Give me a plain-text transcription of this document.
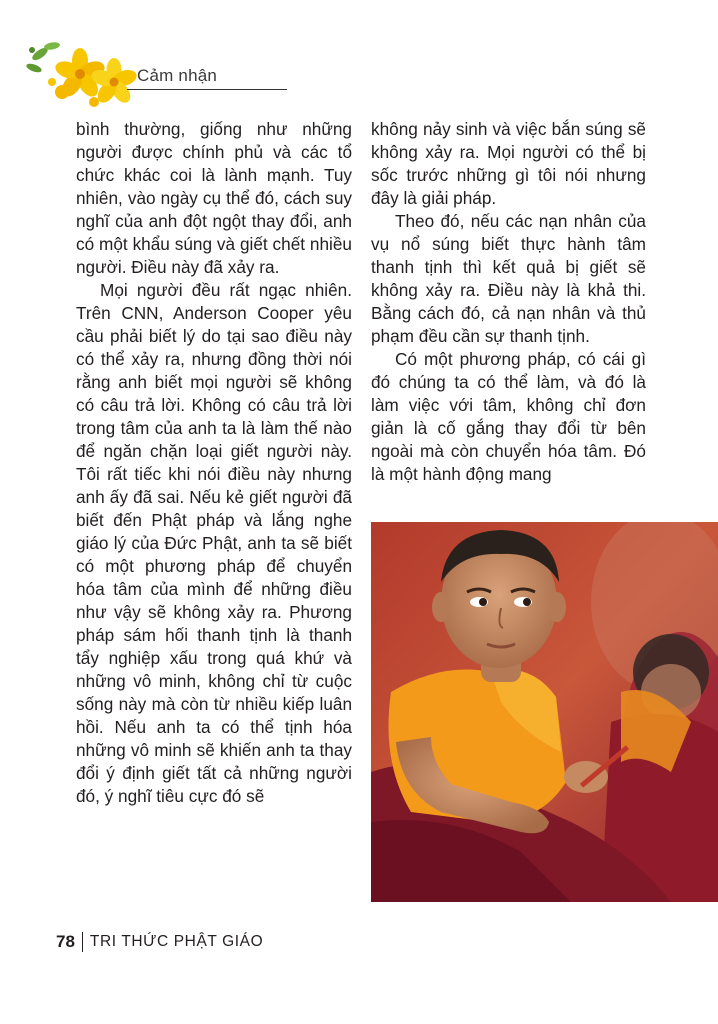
Cảm nhận

bình thường, giống như những người được chính phủ và các tổ chức khác coi là lành mạnh. Tuy nhiên, vào ngày cụ thể đó, cách suy nghĩ của anh đột ngột thay đổi, anh có một khẩu súng và giết chết nhiều người. Điều này đã xảy ra.

Mọi người đều rất ngạc nhiên. Trên CNN, Anderson Cooper yêu cầu phải biết lý do tại sao điều này có thể xảy ra, nhưng đồng thời nói rằng anh biết mọi người sẽ không có câu trả lời. Không có câu trả lời trong tâm của anh ta là làm thế nào để ngăn chặn loại giết người này. Tôi rất tiếc khi nói điều này nhưng anh ấy đã sai. Nếu kẻ giết người đã biết đến Phật pháp và lắng nghe giáo lý của Đức Phật, anh ta sẽ biết có một phương pháp để chuyển hóa tâm của mình để những điều như vậy sẽ không xảy ra. Phương pháp sám hối thanh tịnh là thanh tẩy nghiệp xấu trong quá khứ và những vô minh, không chỉ từ cuộc sống này mà còn từ nhiều kiếp luân hồi. Nếu anh ta có thể tịnh hóa những vô minh sẽ khiến anh ta thay đổi ý định giết tất cả những người đó, ý nghĩ tiêu cực đó sẽ

không nảy sinh và việc bắn súng sẽ không xảy ra. Mọi người có thể bị sốc trước những gì tôi nói nhưng đây là giải pháp.

Theo đó, nếu các nạn nhân của vụ nổ súng biết thực hành tâm thanh tịnh thì kết quả bị giết sẽ không xảy ra. Điều này là khả thi. Bằng cách đó, cả nạn nhân và thủ phạm đều cần sự thanh tịnh.

Có một phương pháp, có cái gì đó chúng ta có thể làm, và đó là làm việc với tâm, không chỉ đơn giản là cố gắng thay đổi từ bên ngoài mà còn chuyển hóa tâm. Đó là một hành động mang

78 TRI THỨC PHẬT GIÁO
